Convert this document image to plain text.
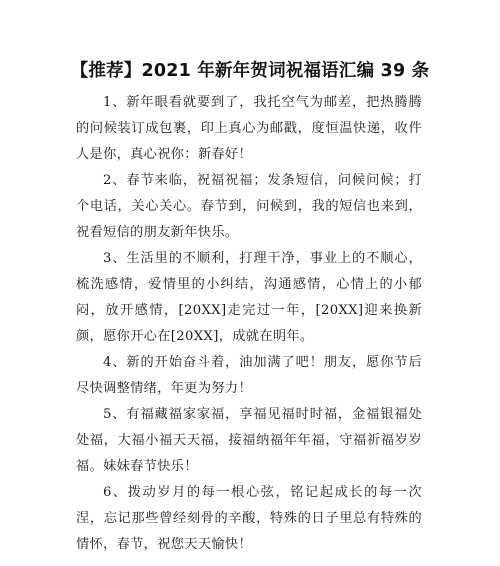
【推荐】2021 年新年贺词祝福语汇编 39 条

1、新年眼看就要到了，我托空气为邮差，把热腾腾的问候装订成包裹，印上真心为邮戳，度恒温快递，收件人是你，真心祝你：新春好！

2、春节来临，祝福祝福；发条短信，问候问候；打个电话，关心关心。春节到，问候到，我的短信也来到，祝看短信的朋友新年快乐。

3、生活里的不顺利，打理干净，事业上的不顺心，梳洗感情，爱情里的小纠结，沟通感情，心情上的小郁闷，放开感情，[20XX]走完过一年，[20XX]迎来换新颜，愿你开心在[20XX]，成就在明年。

4、新的开始奋斗着，油加满了吧！朋友，愿你节后尽快调整情绪，年更为努力！

5、有福藏福家家福，享福见福时时福，金福银福处处福，大福小福天天福，接福纳福年年福，守福祈福岁岁福。妹妹春节快乐！

6、拨动岁月的每一根心弦，铭记起成长的每一次涅，忘记那些曾经刻骨的辛酸，特殊的日子里总有特殊的情怀，春节，祝您天天愉快！
